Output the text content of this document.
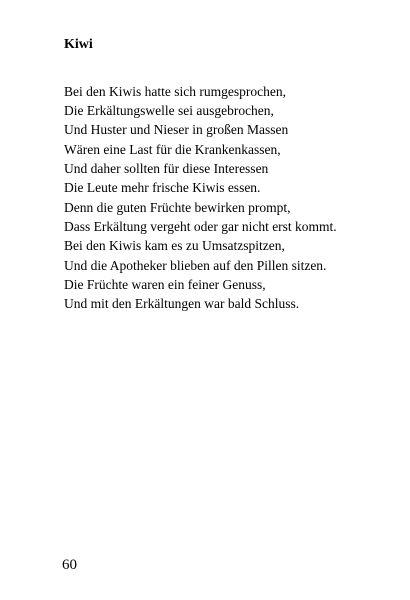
Kiwi
Bei den Kiwis hatte sich rumgesprochen,
Die Erkältungswelle sei ausgebrochen,
Und Huster und Nieser in großen Massen
Wären eine Last für die Krankenkassen,
Und daher sollten für diese Interessen
Die Leute mehr frische Kiwis essen.
Denn die guten Früchte bewirken prompt,
Dass Erkältung vergeht oder gar nicht erst kommt.
Bei den Kiwis kam es zu Umsatzspitzen,
Und die Apotheker blieben auf den Pillen sitzen.
Die Früchte waren ein feiner Genuss,
Und mit den Erkältungen war bald Schluss.
60
